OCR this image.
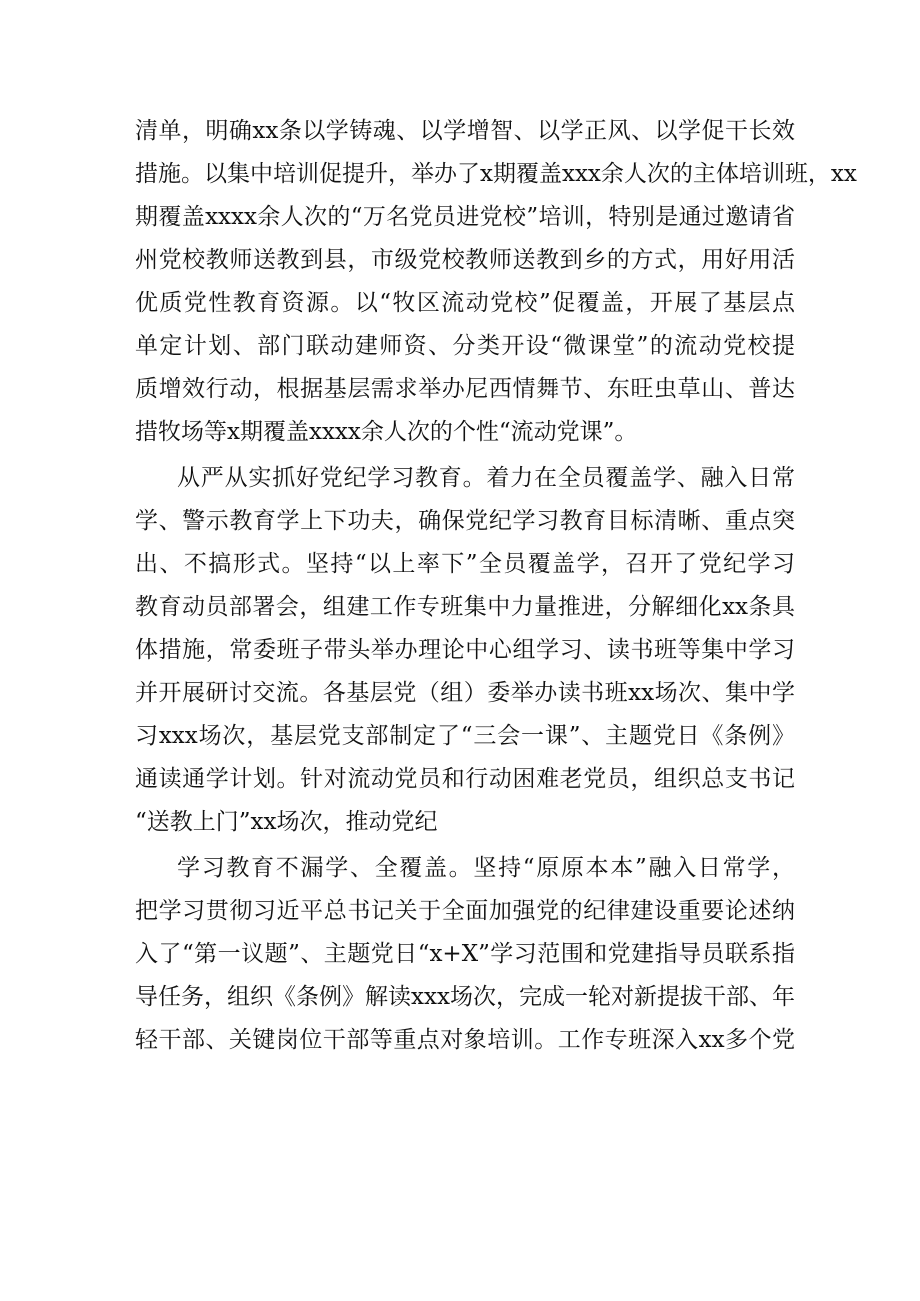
清单，明确xx条以学铸魂、以学增智、以学正风、以学促干长效
措施。以集中培训促提升，举办了x期覆盖xxx余人次的主体培训班，xx
期覆盖xxxx余人次的“万名党员进党校”培训，特别是通过邀请省
州党校教师送教到县，市级党校教师送教到乡的方式，用好用活
优质党性教育资源。以“牧区流动党校”促覆盖，开展了基层点
单定计划、部门联动建师资、分类开设“微课堂”的流动党校提
质增效行动，根据基层需求举办尼西情舞节、东旺虫草山、普达
措牧场等x期覆盖xxxx余人次的个性“流动党课”。
从严从实抓好党纪学习教育。着力在全员覆盖学、融入日常
学、警示教育学上下功夫，确保党纪学习教育目标清晰、重点突
出、不搞形式。坚持“以上率下”全员覆盖学，召开了党纪学习
教育动员部署会，组建工作专班集中力量推进，分解细化xx条具
体措施，常委班子带头举办理论中心组学习、读书班等集中学习
并开展研讨交流。各基层党（组）委举办读书班xx场次、集中学
习xxx场次，基层党支部制定了“三会一课”、主题党日《条例》
通读通学计划。针对流动党员和行动困难老党员，组织总支书记
“送教上门”xx场次，推动党纪
学习教育不漏学、全覆盖。坚持“原原本本”融入日常学，
把学习贯彻习近平总书记关于全面加强党的纪律建设重要论述纳
入了“第一议题”、主题党日“x+X”学习范围和党建指导员联系指
导任务，组织《条例》解读xxx场次，完成一轮对新提拔干部、年
轻干部、关键岗位干部等重点对象培训。工作专班深入xx多个党
